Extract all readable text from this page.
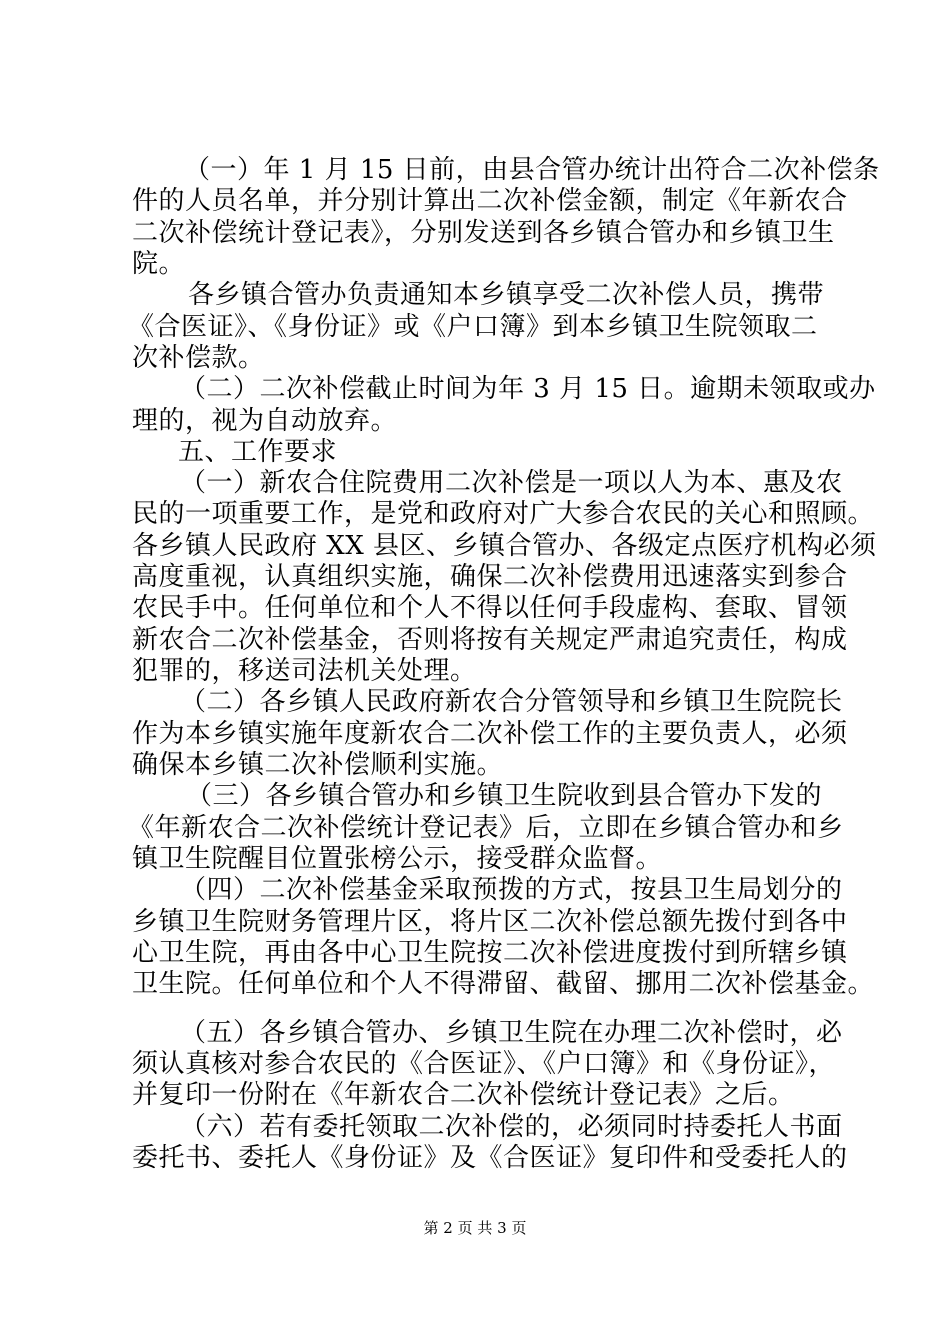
（一）年 1 月 15 日前，由县合管办统计出符合二次补偿条
件的人员名单，并分别计算出二次补偿金额，制定《年新农合
二次补偿统计登记表》，分别发送到各乡镇合管办和乡镇卫生
院。
各乡镇合管办负责通知本乡镇享受二次补偿人员，携带
《合医证》、《身份证》或《户口簿》到本乡镇卫生院领取二
次补偿款。
（二）二次补偿截止时间为年 3 月 15 日。逾期未领取或办
理的，视为自动放弃。
五、工作要求
（一）新农合住院费用二次补偿是一项以人为本、惠及农
民的一项重要工作，是党和政府对广大参合农民的关心和照顾。
各乡镇人民政府 XX 县区、乡镇合管办、各级定点医疗机构必须
高度重视，认真组织实施，确保二次补偿费用迅速落实到参合
农民手中。任何单位和个人不得以任何手段虚构、套取、冒领
新农合二次补偿基金，否则将按有关规定严肃追究责任，构成
犯罪的，移送司法机关处理。
（二）各乡镇人民政府新农合分管领导和乡镇卫生院院长
作为本乡镇实施年度新农合二次补偿工作的主要负责人，必须
确保本乡镇二次补偿顺利实施。
（三）各乡镇合管办和乡镇卫生院收到县合管办下发的
《年新农合二次补偿统计登记表》后，立即在乡镇合管办和乡
镇卫生院醒目位置张榜公示，接受群众监督。
（四）二次补偿基金采取预拨的方式，按县卫生局划分的
乡镇卫生院财务管理片区，将片区二次补偿总额先拨付到各中
心卫生院，再由各中心卫生院按二次补偿进度拨付到所辖乡镇
卫生院。任何单位和个人不得滞留、截留、挪用二次补偿基金。
（五）各乡镇合管办、乡镇卫生院在办理二次补偿时，必
须认真核对参合农民的《合医证》、《户口簿》和《身份证》，
并复印一份附在《年新农合二次补偿统计登记表》之后。
（六）若有委托领取二次补偿的，必须同时持委托人书面
委托书、委托人《身份证》及《合医证》复印件和受委托人的
第 2 页 共 3 页
